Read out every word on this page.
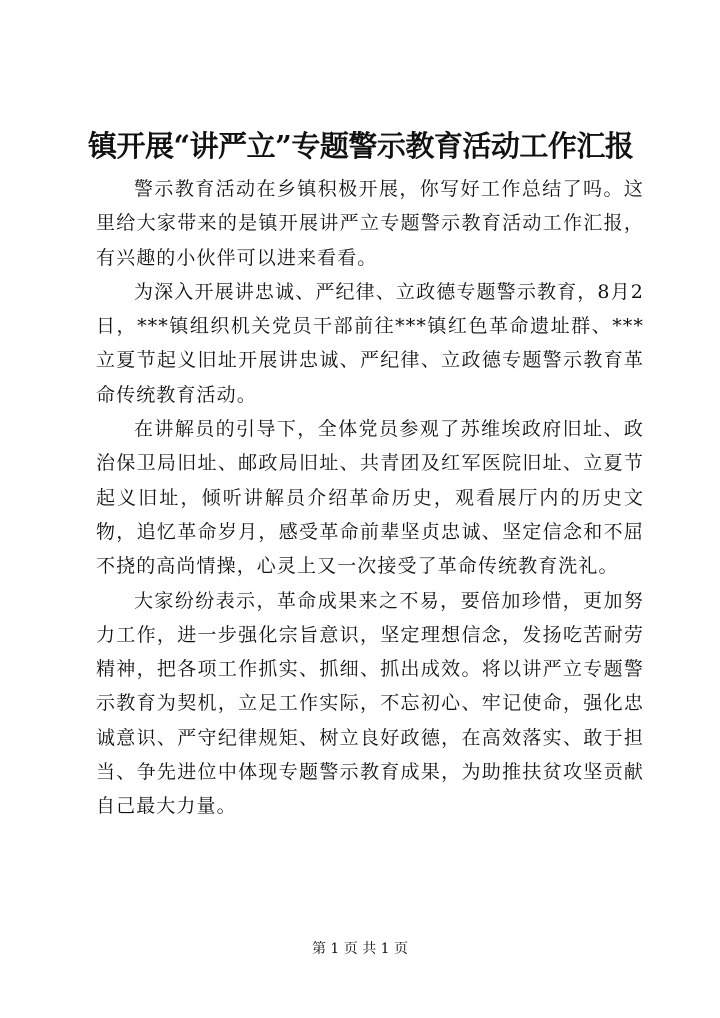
镇开展“讲严立”专题警示教育活动工作汇报

警示教育活动在乡镇积极开展，你写好工作总结了吗。这里给大家带来的是镇开展讲严立专题警示教育活动工作汇报，有兴趣的小伙伴可以进来看看。

为深入开展讲忠诚、严纪律、立政德专题警示教育，8月2日，***镇组织机关党员干部前往***镇红色革命遗址群、***立夏节起义旧址开展讲忠诚、严纪律、立政德专题警示教育革命传统教育活动。

在讲解员的引导下，全体党员参观了苏维埃政府旧址、政治保卫局旧址、邮政局旧址、共青团及红军医院旧址、立夏节起义旧址，倾听讲解员介绍革命历史，观看展厅内的历史文物，追忆革命岁月，感受革命前辈坚贞忠诚、坚定信念和不屈不挠的高尚情操，心灵上又一次接受了革命传统教育洗礼。

大家纷纷表示，革命成果来之不易，要倍加珍惜，更加努力工作，进一步强化宗旨意识，坚定理想信念，发扬吃苦耐劳精神，把各项工作抓实、抓细、抓出成效。将以讲严立专题警示教育为契机，立足工作实际，不忘初心、牢记使命，强化忠诚意识、严守纪律规矩、树立良好政德，在高效落实、敢于担当、争先进位中体现专题警示教育成果，为助推扶贫攻坚贡献自己最大力量。

第 1 页 共 1 页
